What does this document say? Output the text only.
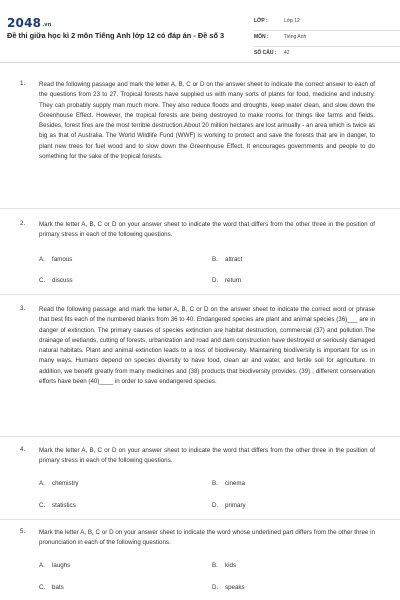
2048.vn
Đề thi giữa học kì 2 môn Tiếng Anh lớp 12 có đáp án - Đề số 3
LỚP :	Lớp 12
MÔN :	Tiếng Anh
SỐ CÂU : 42
1. Read the following passage and mark the letter A, B, C or D on the answer sheet to indicate the correct answer to each of the questions from 23 to 27. Tropical forests have supplied us with many sorts of plants for food, medicine and industry. They can probably supply man much more. They also reduce floods and droughts, keep water clean, and slow down the Greenhouse Effect. However, the tropical forests are being destroyed to make rooms for things like farms and fields. Besides, forest fires are the most terrible destruction.About 20 million hectares are lost annually - an area which is twice as big as that of Australia. The World Wildlife Fund (WWF) is working to protect and save the forests that are in danger, to plant new trees for fuel wood and to slow down the Greenhouse Effect. It encourages governments and people to do something for the sake of the tropical forests.
2. Mark the letter A, B, C or D on your answer sheet to indicate the word that differs from the other three in the position of primary stress in each of the following questions.
A. famous	B. attract
C. discuss	D. return
3. Read the following passage and mark the letter A, B, C or D on the answer sheet to indicate the correct word or phrase that best fits each of the numbered blanks from 36 to 40. Endangered species are plant and animal species (36)___ are in danger of extinction. The primary causes of species extinction are habitat destruction, commercial (37) and pollution.The drainage of wetlands, cutting of forests, urbanization and road and dam construction have destroyed or seriously damaged natural habitats. Plant and animal extinction leads to a loss of biodiversity. Maintaining biodiversity is important for us in many ways. Humans depend on species diversity to have food, clean air and water, and fertile soil for agriculture. In addition, we benefit greatly from many medicines and (38) products that biodiversity provides. (39) , different conservation efforts have been (40)____ in order to save endangered species.
4. Mark the letter A, B, C or D on your answer sheet to indicate the word that differs from the other three in the position of primary stress in each of the following questions.
A. chemistry	B. cinema
C. statistics	D. primary
5. Mark the letter A, B, C or D on your answer sheet to indicate the word whose underlined part differs from the other three in pronunciation in each of the following questions.
A. laughs	B. kids
C. bats	D. speaks
